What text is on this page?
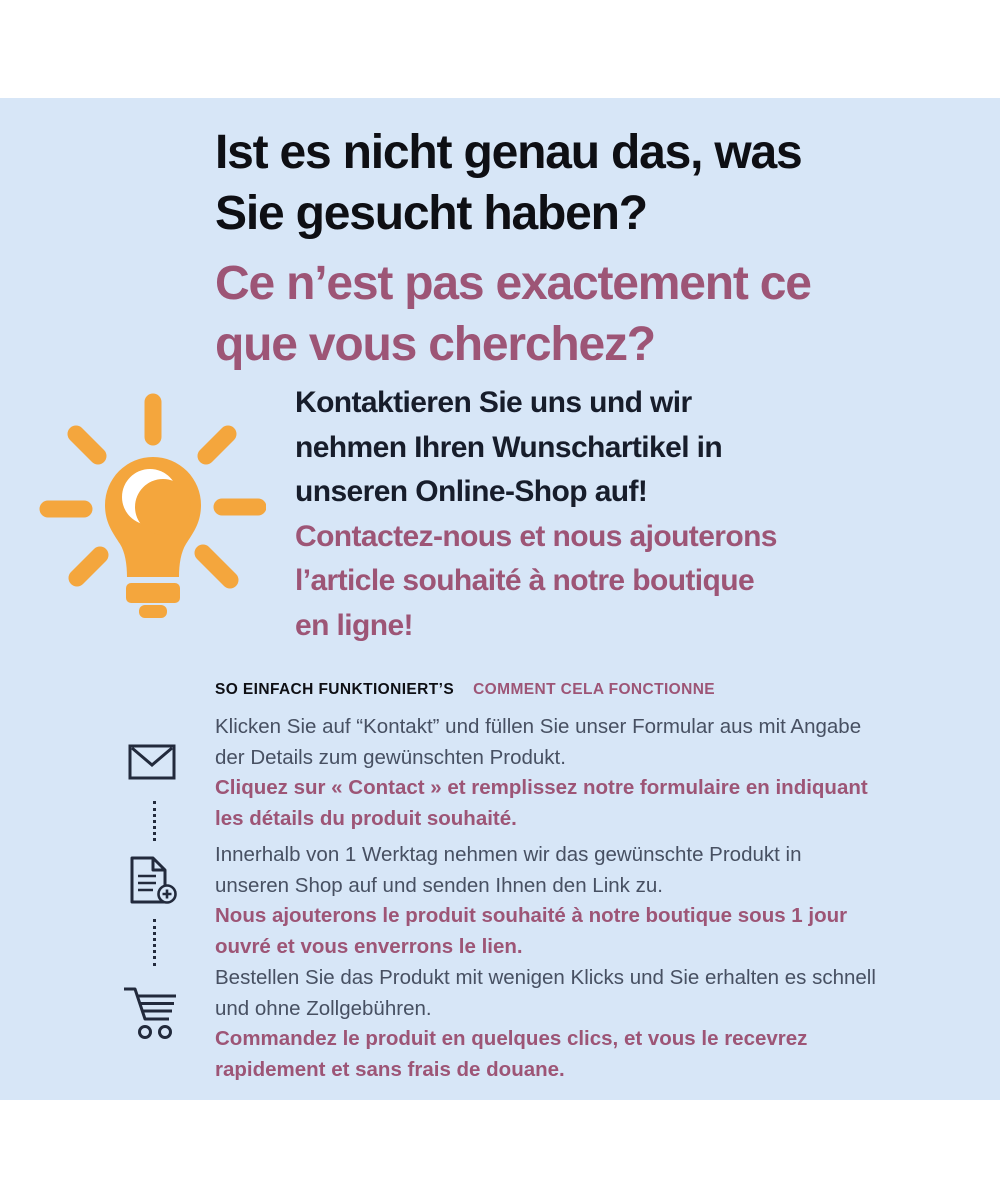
Ist es nicht genau das, was
Sie gesucht haben?
Ce n’est pas exactement ce
que vous cherchez?

Kontaktieren Sie uns und wir
nehmen Ihren Wunschartikel in
unseren Online-Shop auf!

Contactez-nous et nous ajouterons
l’article souhaité à notre boutique
en ligne!

SO EINFACH FUNKTIONIERT’S COMMENT CELA FONCTIONNE

Klicken Sie auf “Kontakt” und füllen Sie unser Formular aus mit Angabe
der Details zum gewünschten Produkt.

Cliquez sur « Contact » et remplissez notre formulaire en indiquant
les détails du produit souhaité.

Innerhalb von 1 Werktag nehmen wir das gewünschte Produkt in
unseren Shop auf und senden Ihnen den Link zu.

Nous ajouterons le produit souhaité à notre boutique sous 1 jour
ouvré et vous enverrons le lien.

Bestellen Sie das Produkt mit wenigen Klicks und Sie erhalten es schnell
und ohne Zollgebühren.

Commandez le produit en quelques clics, et vous le recevrez
rapidement et sans frais de douane.
